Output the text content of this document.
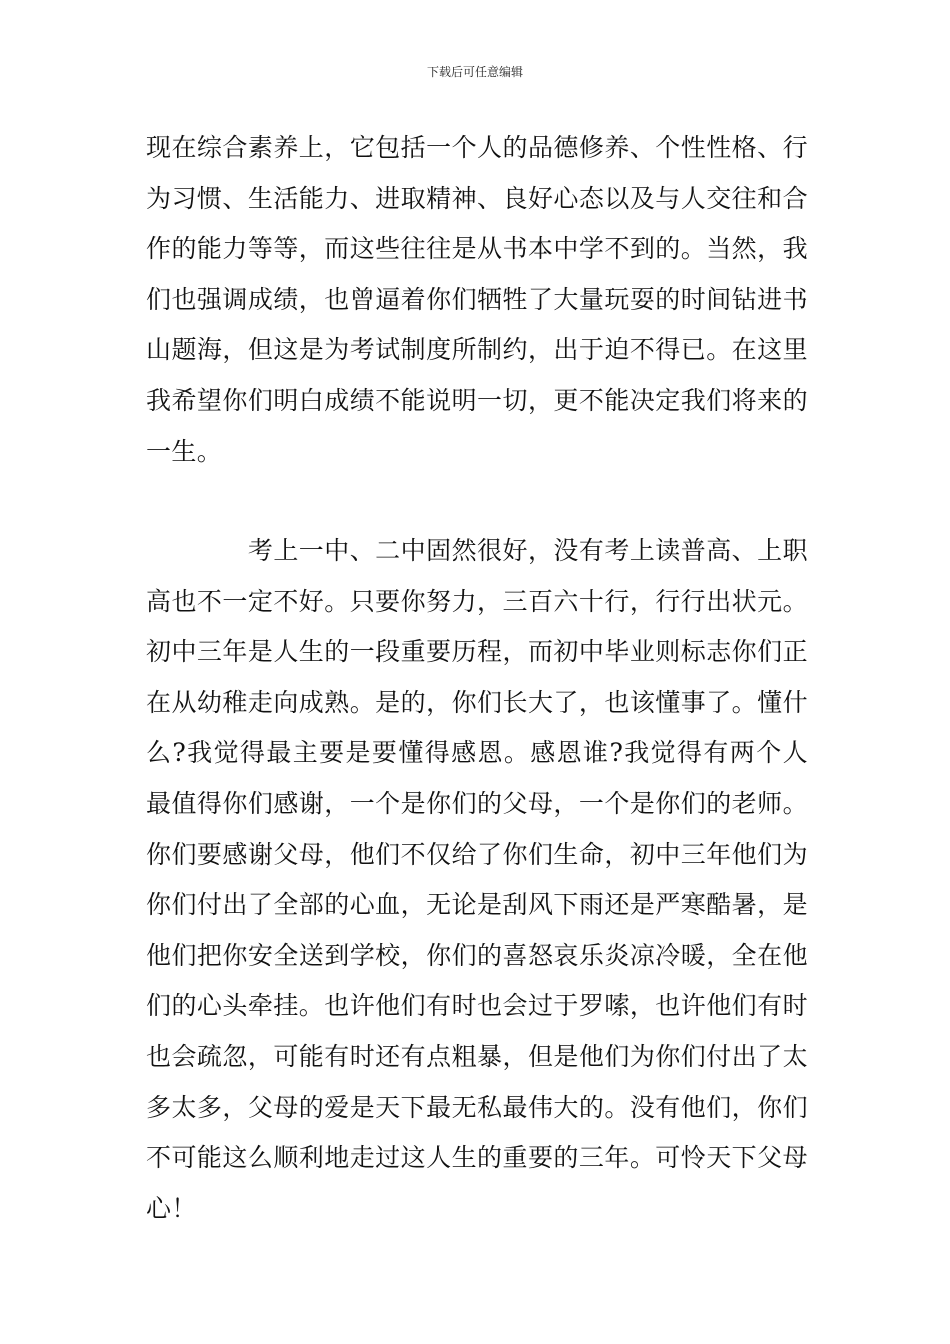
下载后可任意编辑

现在综合素养上，它包括一个人的品德修养、个性性格、行为习惯、生活能力、进取精神、良好心态以及与人交往和合作的能力等等，而这些往往是从书本中学不到的。当然，我们也强调成绩，也曾逼着你们牺牲了大量玩耍的时间钻进书山题海，但这是为考试制度所制约，出于迫不得已。在这里我希望你们明白成绩不能说明一切，更不能决定我们将来的一生。

　　　　考上一中、二中固然很好，没有考上读普高、上职高也不一定不好。只要你努力，三百六十行，行行出状元。 初中三年是人生的一段重要历程，而初中毕业则标志你们正在从幼稚走向成熟。是的，你们长大了，也该懂事了。懂什么?我觉得最主要是要懂得感恩。感恩谁?我觉得有两个人最值得你们感谢，一个是你们的父母，一个是你们的老师。你们要感谢父母，他们不仅给了你们生命，初中三年他们为你们付出了全部的心血，无论是刮风下雨还是严寒酷暑，是他们把你安全送到学校，你们的喜怒哀乐炎凉冷暖，全在他们的心头牵挂。也许他们有时也会过于罗嗦，也许他们有时也会疏忽，可能有时还有点粗暴，但是他们为你们付出了太多太多，父母的爱是天下最无私最伟大的。没有他们，你们不可能这么顺利地走过这人生的重要的三年。可怜天下父母心！
